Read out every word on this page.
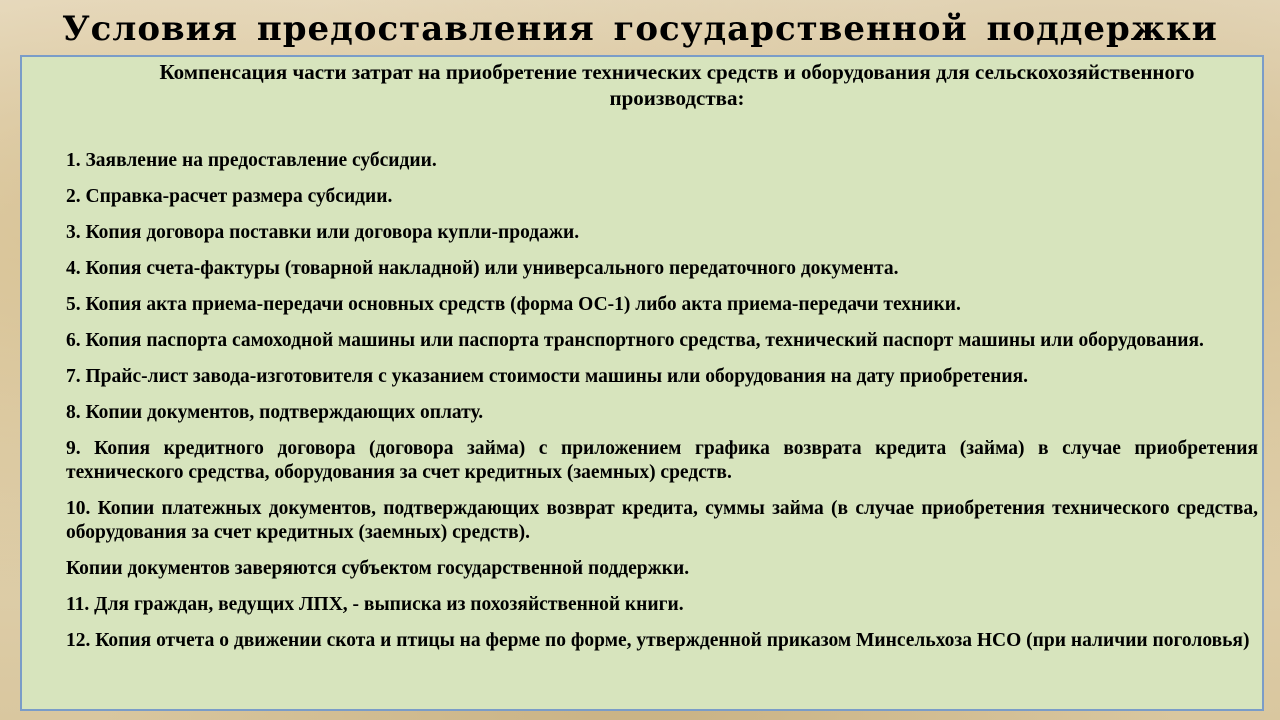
Условия предоставления государственной поддержки

Компенсация части затрат на приобретение технических средств и оборудования для сельскохозяйственного производства:

1. Заявление на предоставление субсидии.
2. Справка-расчет размера субсидии.
3. Копия договора поставки или договора купли-продажи.
4. Копия счета-фактуры (товарной накладной) или универсального передаточного документа.
5. Копия акта приема-передачи основных средств (форма ОС-1) либо акта приема-передачи техники.
6. Копия паспорта самоходной машины или паспорта транспортного средства, технический паспорт машины или оборудования.
7. Прайс-лист завода-изготовителя с указанием стоимости машины или оборудования на дату приобретения.
8. Копии документов, подтверждающих оплату.
9. Копия кредитного договора (договора займа) с приложением графика возврата кредита (займа) в случае приобретения технического средства, оборудования за счет кредитных (заемных) средств.
10. Копии платежных документов, подтверждающих возврат кредита, суммы займа (в случае приобретения технического средства, оборудования за счет кредитных (заемных) средств).
Копии документов заверяются субъектом государственной поддержки.
11. Для граждан, ведущих ЛПХ, - выписка из похозяйственной книги.
12. Копия отчета о движении скота и птицы на ферме по форме, утвержденной приказом Минсельхоза НСО (при наличии поголовья)
